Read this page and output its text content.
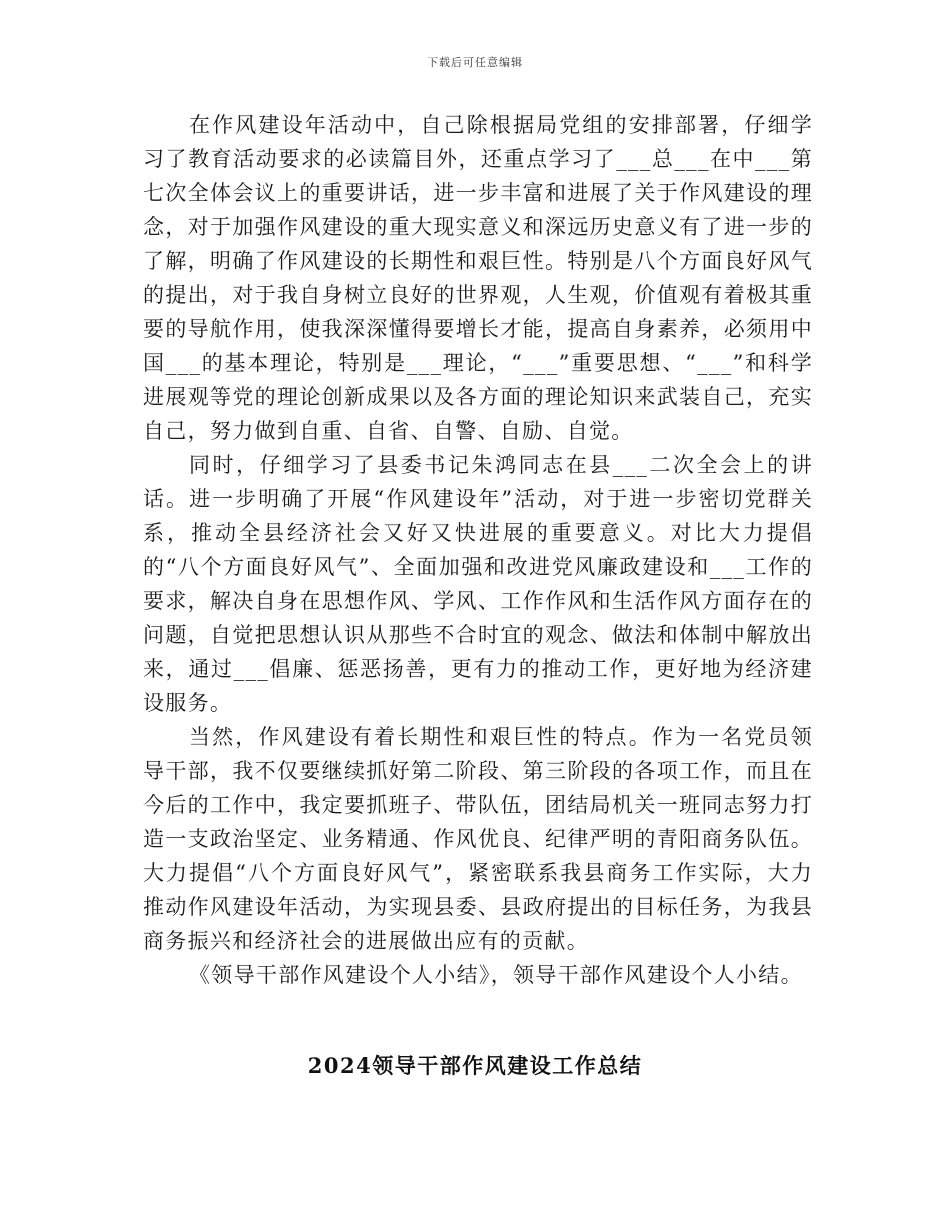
下载后可任意编辑

在作风建设年活动中，自己除根据局党组的安排部署，仔细学习了教育活动要求的必读篇目外，还重点学习了___总___在中___第七次全体会议上的重要讲话，进一步丰富和进展了关于作风建设的理念，对于加强作风建设的重大现实意义和深远历史意义有了进一步的了解，明确了作风建设的长期性和艰巨性。特别是八个方面良好风气的提出，对于我自身树立良好的世界观，人生观，价值观有着极其重要的导航作用，使我深深懂得要增长才能，提高自身素养，必须用中国___的基本理论，特别是___理论，“___”重要思想、“___”和科学进展观等党的理论创新成果以及各方面的理论知识来武装自己，充实自己，努力做到自重、自省、自警、自励、自觉。

同时，仔细学习了县委书记朱鸿同志在县___二次全会上的讲话。进一步明确了开展“作风建设年”活动，对于进一步密切党群关系，推动全县经济社会又好又快进展的重要意义。对比大力提倡的“八个方面良好风气”、全面加强和改进党风廉政建设和___工作的要求，解决自身在思想作风、学风、工作作风和生活作风方面存在的问题，自觉把思想认识从那些不合时宜的观念、做法和体制中解放出来，通过___倡廉、惩恶扬善，更有力的推动工作，更好地为经济建设服务。

当然，作风建设有着长期性和艰巨性的特点。作为一名党员领导干部，我不仅要继续抓好第二阶段、第三阶段的各项工作，而且在今后的工作中，我定要抓班子、带队伍，团结局机关一班同志努力打造一支政治坚定、业务精通、作风优良、纪律严明的青阳商务队伍。大力提倡“八个方面良好风气”，紧密联系我县商务工作实际，大力推动作风建设年活动，为实现县委、县政府提出的目标任务，为我县商务振兴和经济社会的进展做出应有的贡献。

《领导干部作风建设个人小结》，领导干部作风建设个人小结。

2024领导干部作风建设工作总结
